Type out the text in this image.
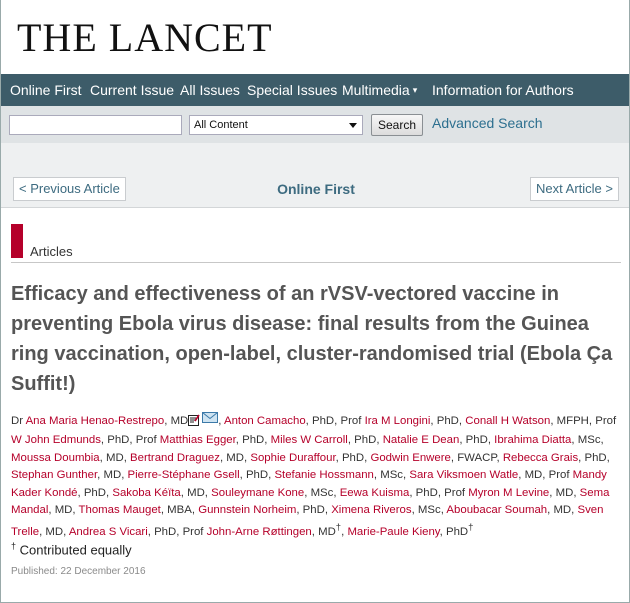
THE LANCET
Online First Current Issue All Issues Special Issues Multimedia ▾ Information for Authors
All Content	Search	Advanced Search
< Previous Article	Online First	Next Article >
Articles
Efficacy and effectiveness of an rVSV-vectored vaccine in preventing Ebola virus disease: final results from the Guinea ring vaccination, open-label, cluster-randomised trial (Ebola Ça Suffit!)
Dr Ana Maria Henao-Restrepo, MD	, Anton Camacho, PhD, Prof Ira M Longini, PhD, Conall H Watson, MFPH, Prof W John Edmunds, PhD, Prof Matthias Egger, PhD, Miles W Carroll, PhD, Natalie E Dean, PhD, Ibrahima Diatta, MSc, Moussa Doumbia, MD, Bertrand Draguez, MD, Sophie Duraffour, PhD, Godwin Enwere, FWACP, Rebecca Grais, PhD, Stephan Gunther, MD, Pierre-Stéphane Gsell, PhD, Stefanie Hossmann, MSc, Sara Viksmoen Watle, MD, Prof Mandy Kader Kondé, PhD, Sakoba Kéïta, MD, Souleymane Kone, MSc, Eewa Kuisma, PhD, Prof Myron M Levine, MD, Sema Mandal, MD, Thomas Mauget, MBA, Gunnstein Norheim, PhD, Ximena Riveros, MSc, Aboubacar Soumah, MD, Sven Trelle, MD, Andrea S Vicari, PhD, Prof John-Arne Røttingen, MD†, Marie-Paule Kieny, PhD†
† Contributed equally
Published: 22 December 2016
